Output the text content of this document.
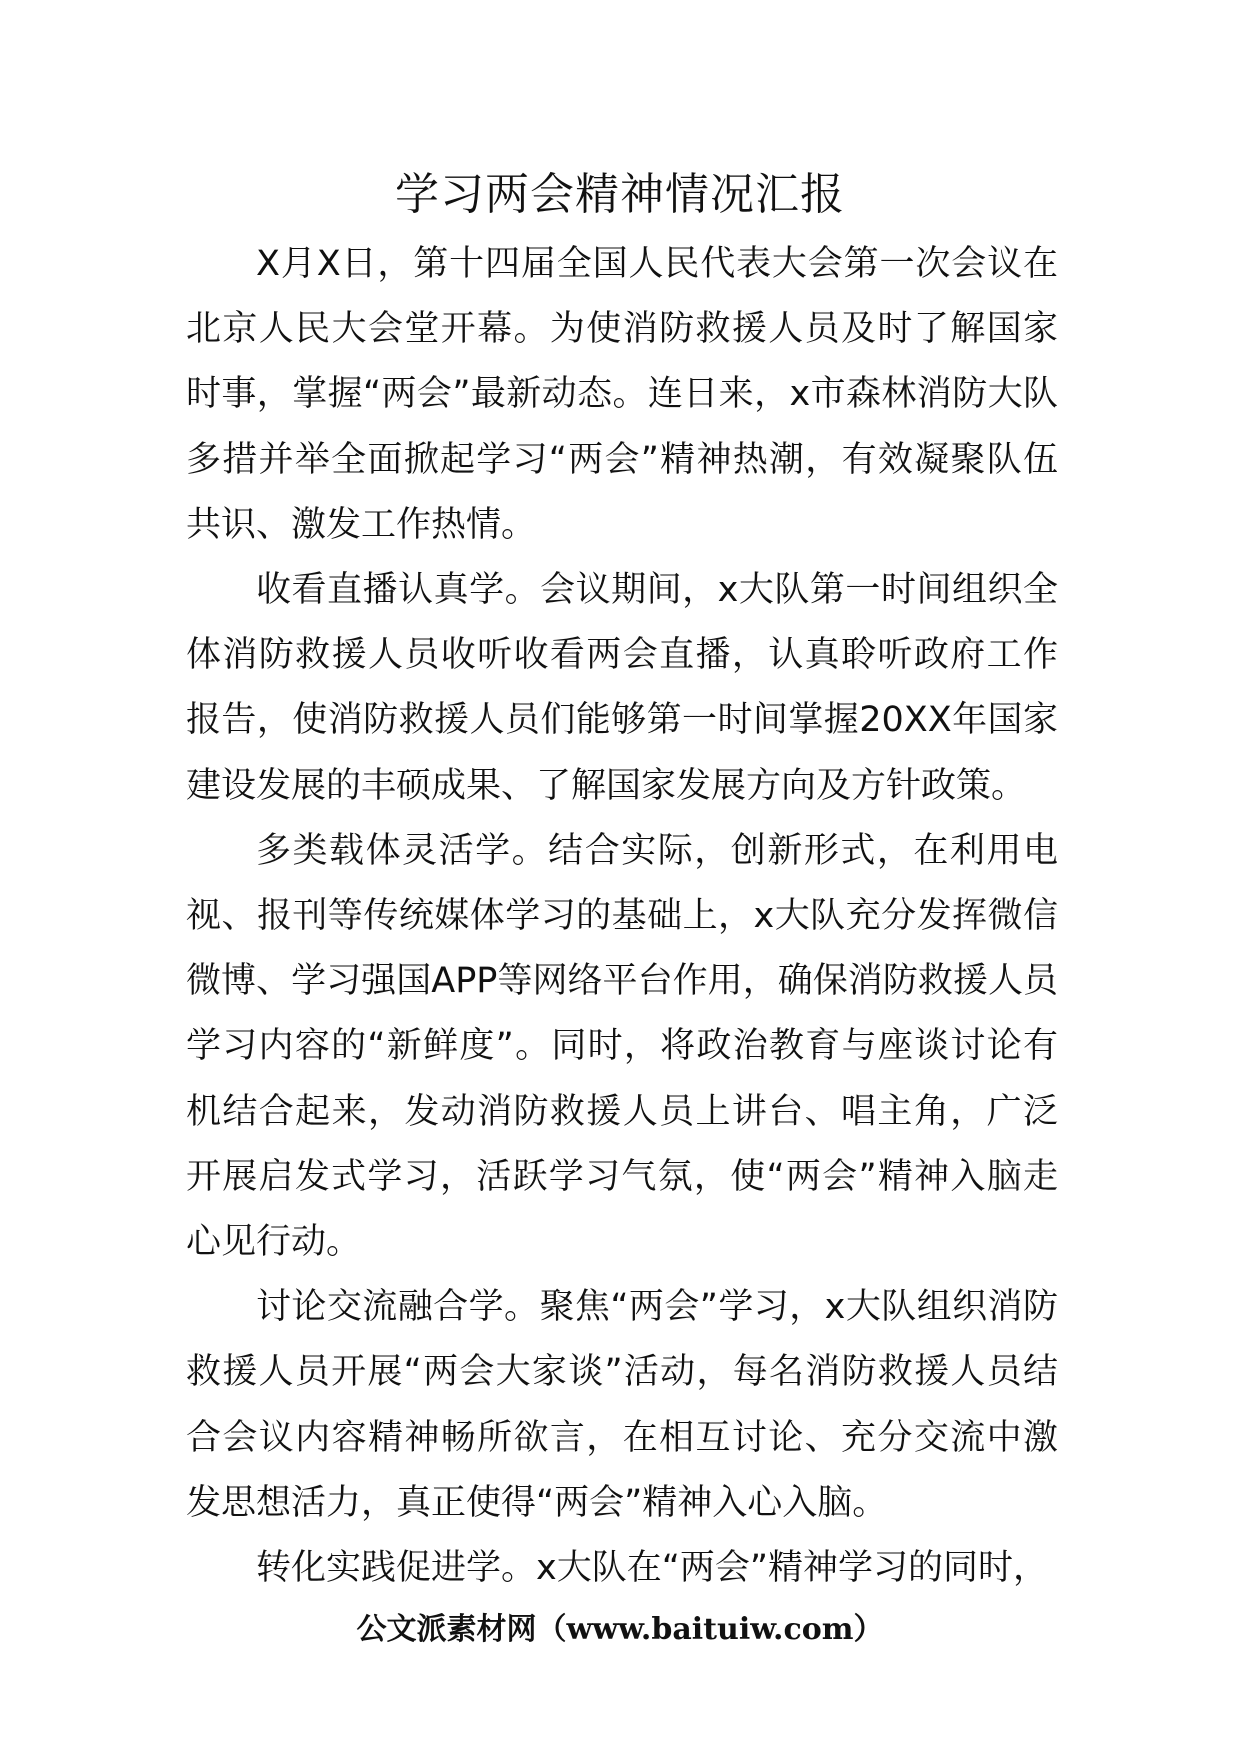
学习两会精神情况汇报

X月X日，第十四届全国人民代表大会第一次会议在北京人民大会堂开幕。为使消防救援人员及时了解国家时事，掌握“两会”最新动态。连日来，x市森林消防大队多措并举全面掀起学习“两会”精神热潮，有效凝聚队伍共识、激发工作热情。

收看直播认真学。会议期间，x大队第一时间组织全体消防救援人员收听收看两会直播，认真聆听政府工作报告，使消防救援人员们能够第一时间掌握20XX年国家建设发展的丰硕成果、了解国家发展方向及方针政策。

多类载体灵活学。结合实际，创新形式，在利用电视、报刊等传统媒体学习的基础上，x大队充分发挥微信微博、学习强国APP等网络平台作用，确保消防救援人员学习内容的“新鲜度”。同时，将政治教育与座谈讨论有机结合起来，发动消防救援人员上讲台、唱主角，广泛开展启发式学习，活跃学习气氛，使“两会”精神入脑走心见行动。

讨论交流融合学。聚焦“两会”学习，x大队组织消防救援人员开展“两会大家谈”活动，每名消防救援人员结合会议内容精神畅所欲言，在相互讨论、充分交流中激发思想活力，真正使得“两会”精神入心入脑。

转化实践促进学。x大队在“两会”精神学习的同时，

公文派素材网（www.baituiw.com）
